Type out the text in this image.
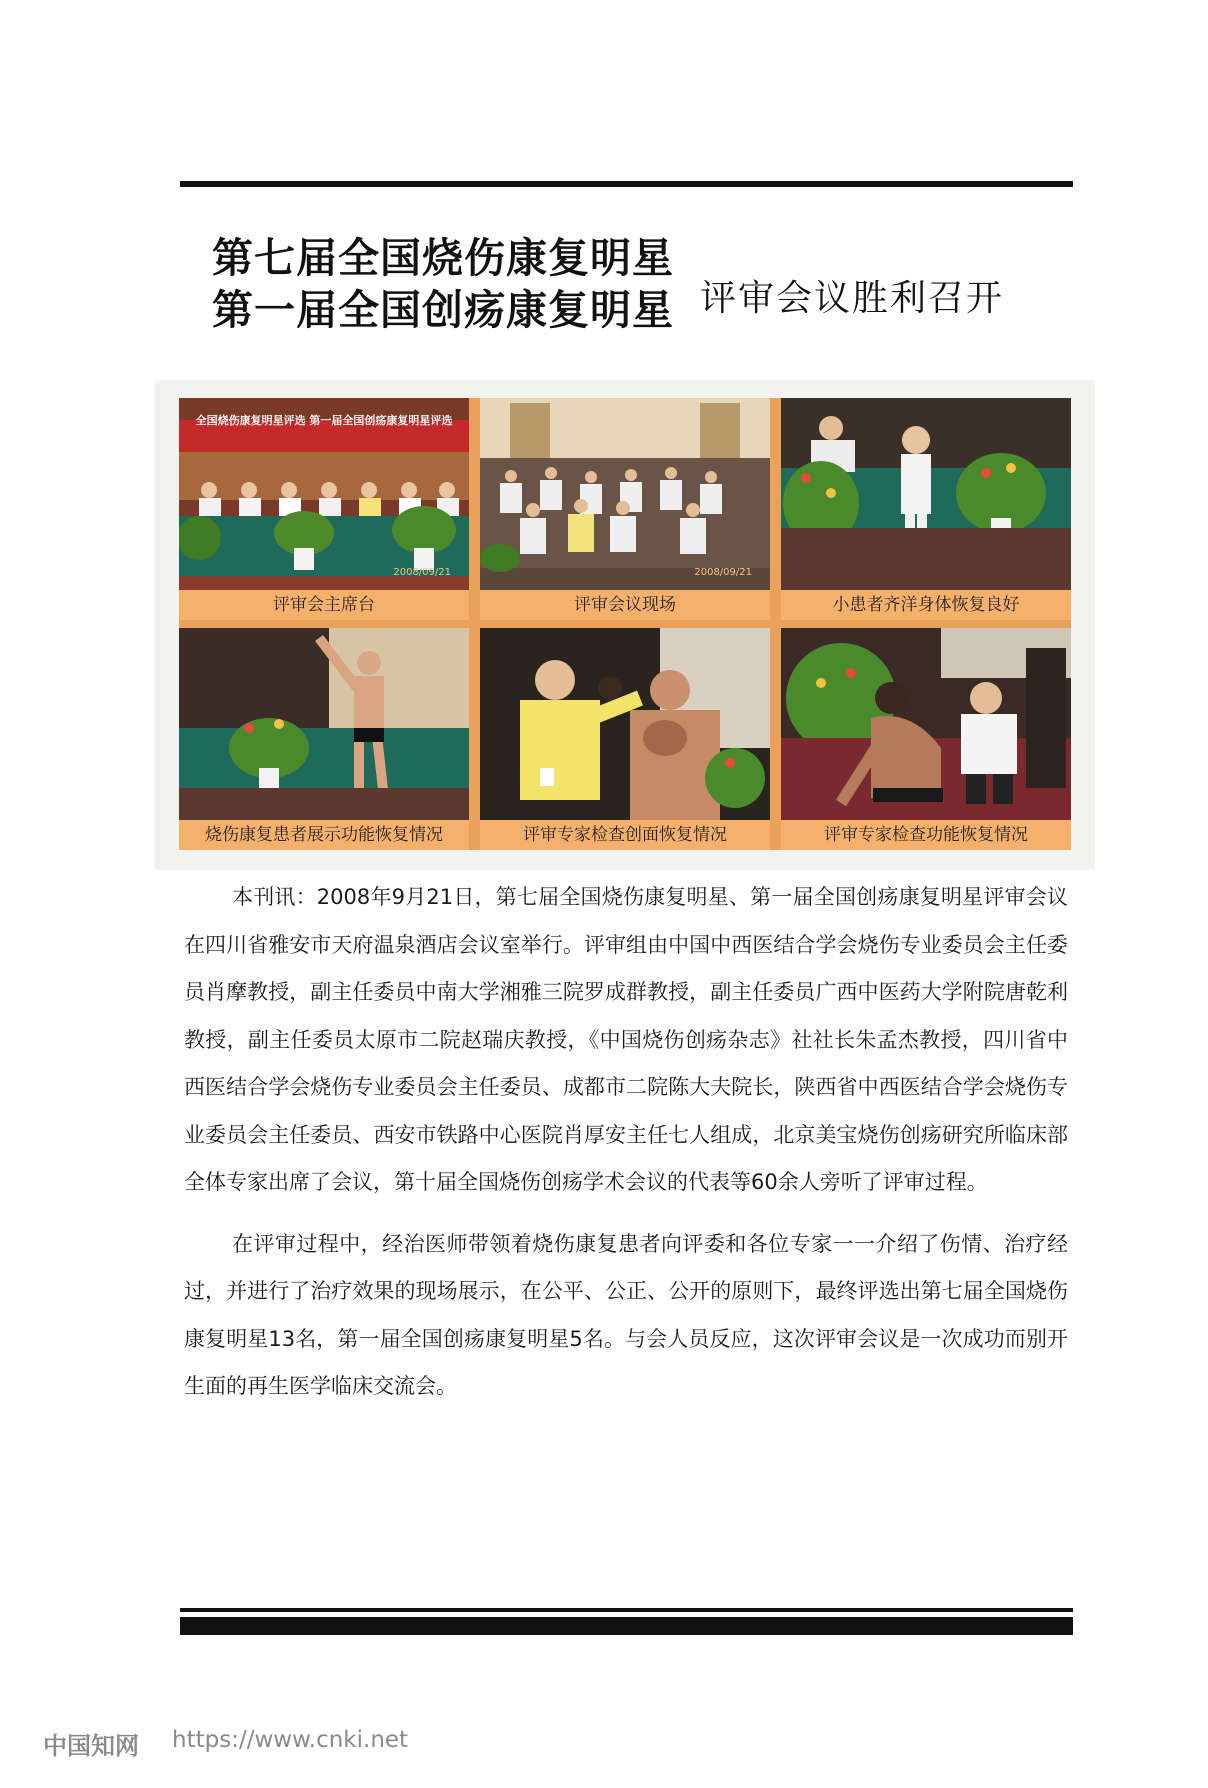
第七届全国烧伤康复明星
第一届全国创疡康复明星 评审会议胜利召开
全国烧伤康复明星评选 第一届全国创疡康复明星评选
2008/09/21
评审会主席台
2008/09/21
评审会议现场	小患者齐洋身体恢复良好
烧伤康复患者展示功能恢复情况	评审专家检查创面恢复情况	评审专家检查功能恢复情况

本刊讯：2008年9月21日，第七届全国烧伤康复明星、第一届全国创疡康复明星评审会议在四川省雅安市天府温泉酒店会议室举行。评审组由中国中西医结合学会烧伤专业委员会主任委员肖摩教授，副主任委员中南大学湘雅三院罗成群教授，副主任委员广西中医药大学附院唐乾利教授，副主任委员太原市二院赵瑞庆教授，《中国烧伤创疡杂志》社社长朱孟杰教授，四川省中西医结合学会烧伤专业委员会主任委员、成都市二院陈大夫院长，陕西省中西医结合学会烧伤专业委员会主任委员、西安市铁路中心医院肖厚安主任七人组成，北京美宝烧伤创疡研究所临床部全体专家出席了会议，第十届全国烧伤创疡学术会议的代表等60余人旁听了评审过程。

在评审过程中，经治医师带领着烧伤康复患者向评委和各位专家一一介绍了伤情、治疗经过，并进行了治疗效果的现场展示，在公平、公正、公开的原则下，最终评选出第七届全国烧伤康复明星13名，第一届全国创疡康复明星5名。与会人员反应，这次评审会议是一次成功而别开生面的再生医学临床交流会。

中国知网 https://www.cnki.net
